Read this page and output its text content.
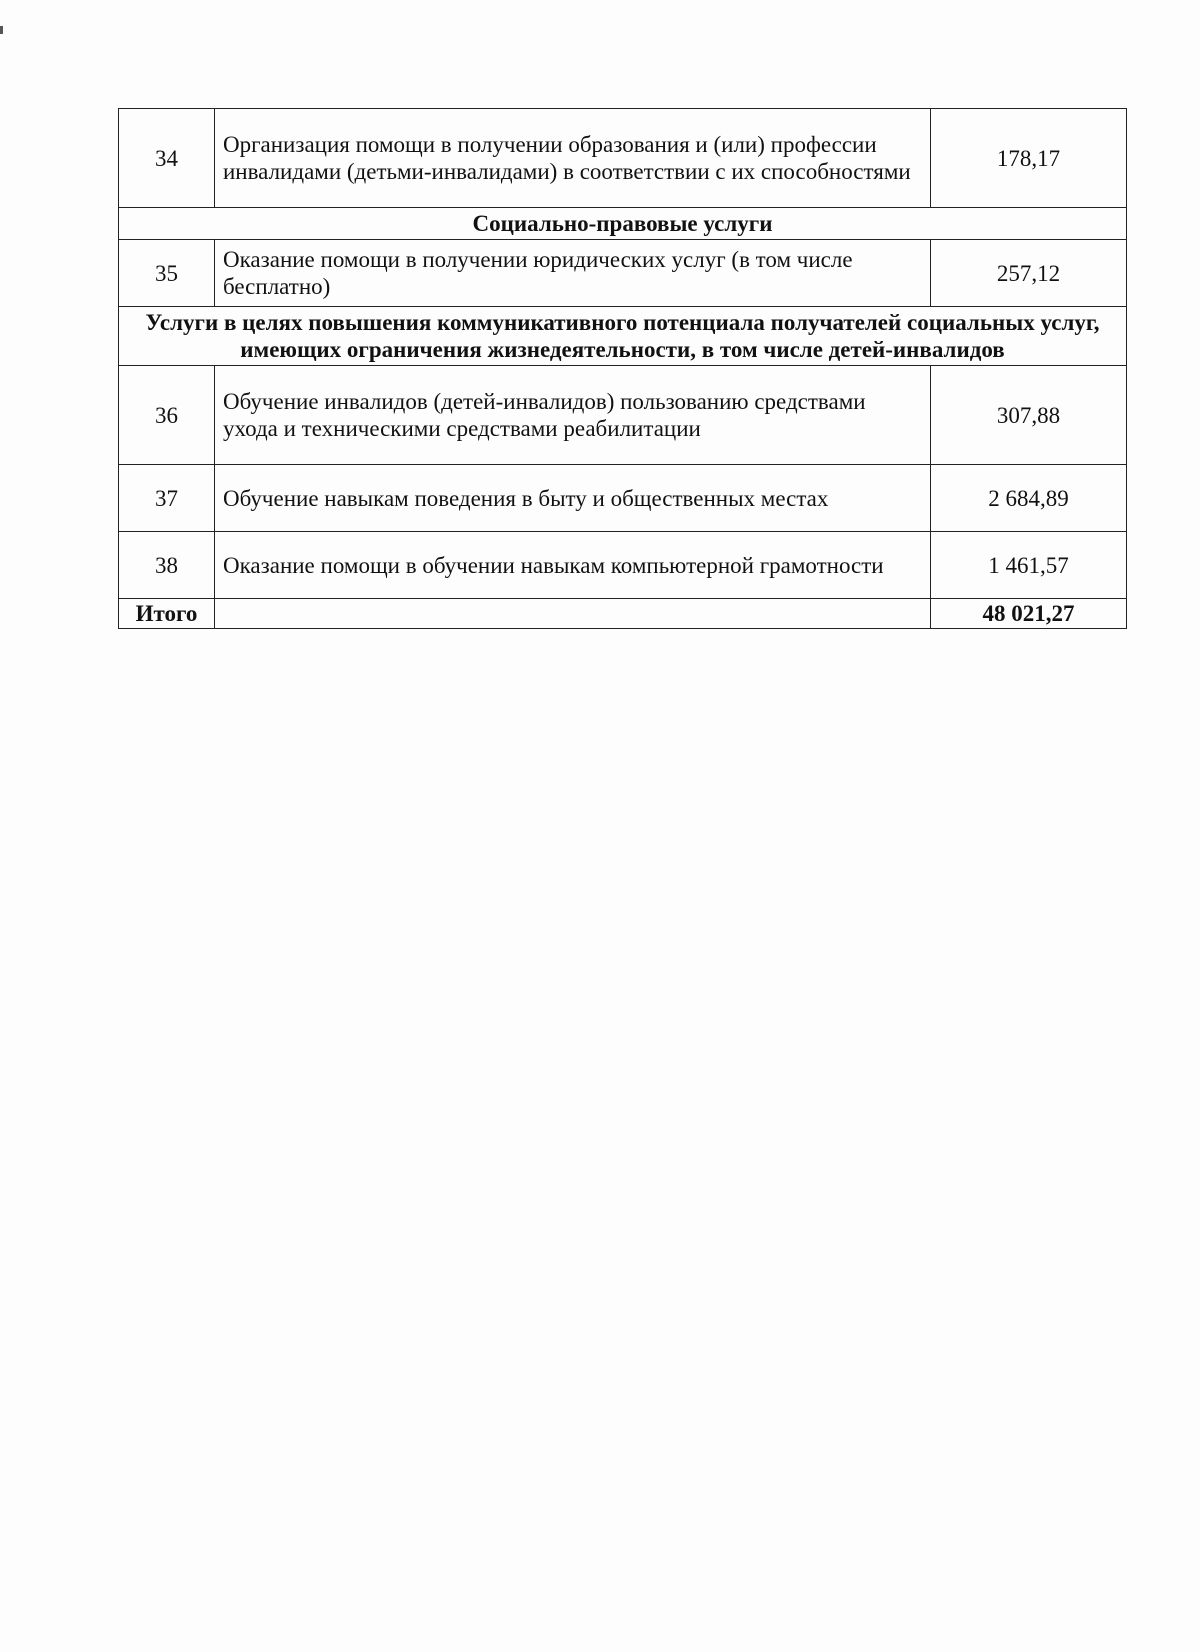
34	Организация помощи в получении образования и (или) профессии инвалидами (детьми-инвалидами) в соответствии с их способностями	178,17
Социально-правовые услуги		
35	Оказание помощи в получении юридических услуг (в том числе бесплатно)	257,12
Услуги в целях повышения коммуникативного потенциала получателей социальных услуг, имеющих ограничения жизнедеятельности, в том числе детей-инвалидов		
36	Обучение инвалидов (детей-инвалидов) пользованию средствами ухода и техническими средствами реабилитации	307,88
37	Обучение навыкам поведения в быту и общественных местах	2 684,89
38	Оказание помощи в обучении навыкам компьютерной грамотности	1 461,57
Итого		48 021,27
